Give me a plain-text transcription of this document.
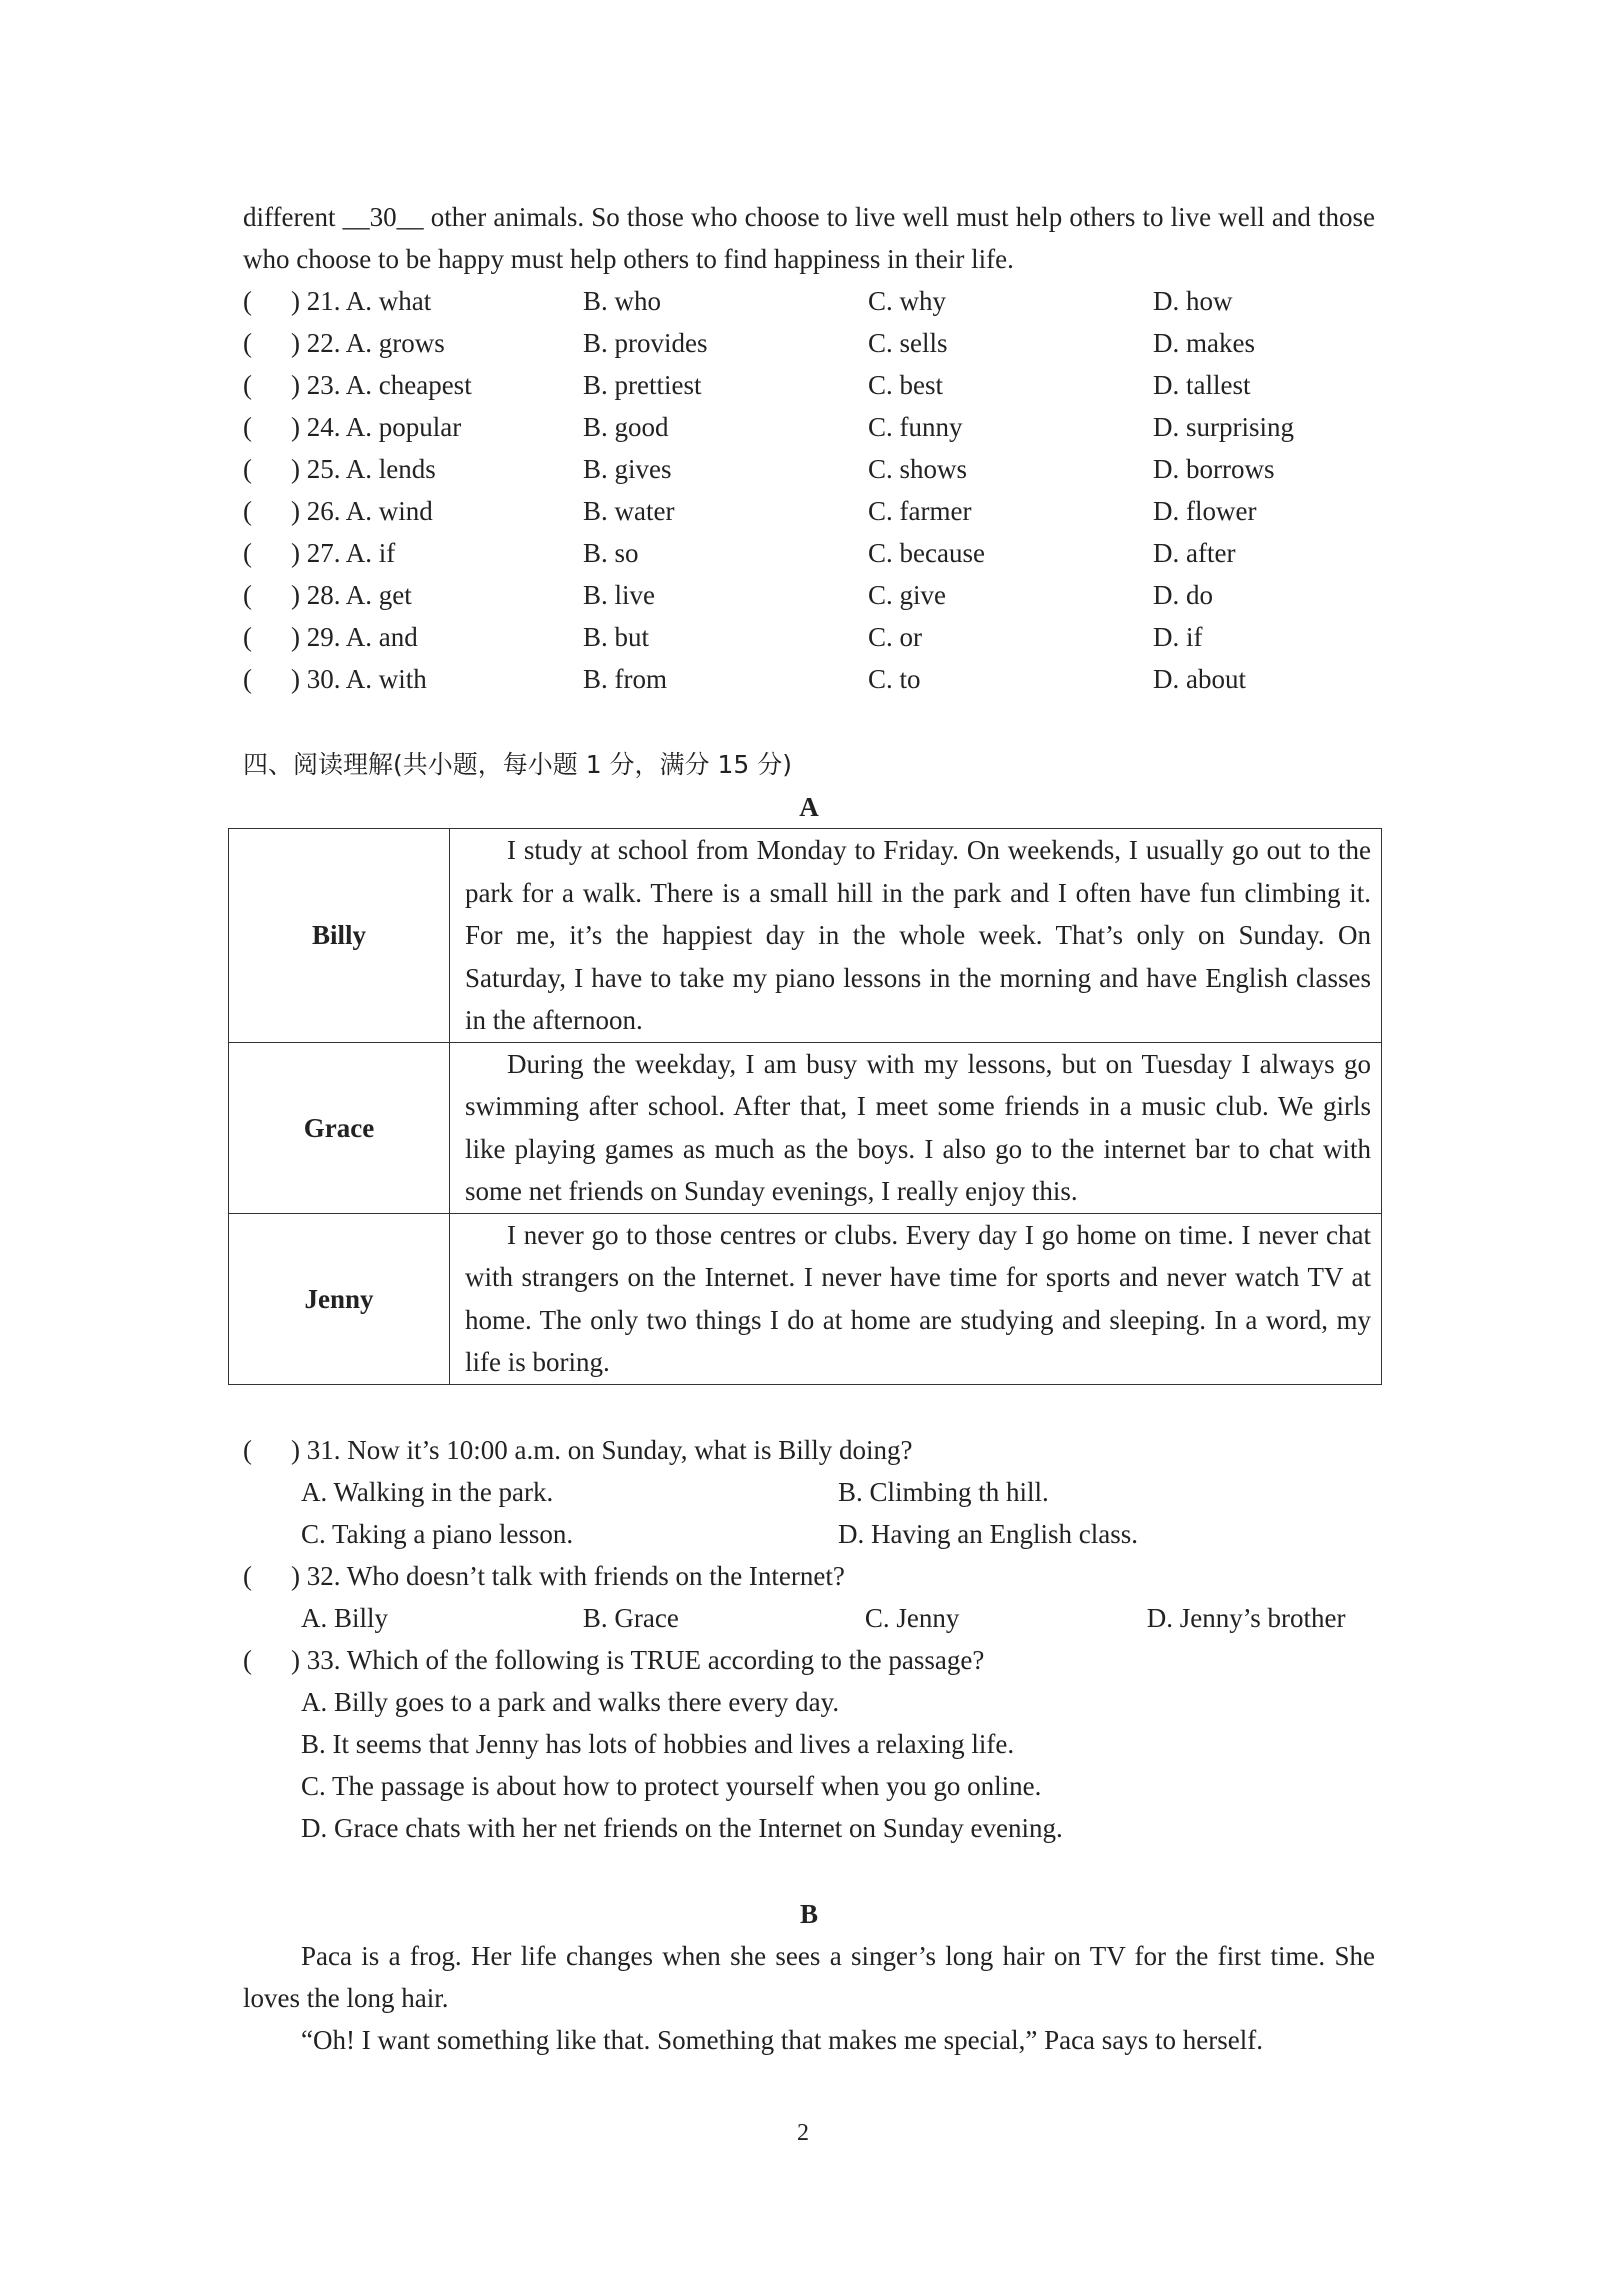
different __30__ other animals. So those who choose to live well must help others to live well and those who choose to be happy must help others to find happiness in their life.

( ) 21. A. what	B. who	C. why	D. how
( ) 22. A. grows	B. provides	C. sells	D. makes
( ) 23. A. cheapest	B. prettiest	C. best	D. tallest
( ) 24. A. popular	B. good	C. funny	D. surprising
( ) 25. A. lends	B. gives	C. shows	D. borrows
( ) 26. A. wind	B. water	C. farmer	D. flower
( ) 27. A. if	B. so	C. because	D. after
( ) 28. A. get	B. live	C. give	D. do
( ) 29. A. and	B. but	C. or	D. if
( ) 30. A. with	B. from	C. to	D. about
四、阅读理解(共小题，每小题 1 分，满分 15 分)
A
Billy	I study at school from Monday to Friday. On weekends, I usually go out to the park for a walk. There is a small hill in the park and I often have fun climbing it. For me, it’s the happiest day in the whole week. That’s only on Sunday. On Saturday, I have to take my piano lessons in the morning and have English classes in the afternoon.
Grace	During the weekday, I am busy with my lessons, but on Tuesday I always go swimming after school. After that, I meet some friends in a music club. We girls like playing games as much as the boys. I also go to the internet bar to chat with some net friends on Sunday evenings, I really enjoy this.
Jenny	I never go to those centres or clubs. Every day I go home on time. I never chat with strangers on the Internet. I never have time for sports and never watch TV at home. The only two things I do at home are studying and sleeping. In a word, my life is boring.
( ) 31. Now it’s 10:00 a.m. on Sunday, what is Billy doing?
A. Walking in the park.	B. Climbing th hill.
C. Taking a piano lesson.	D. Having an English class.
( ) 32. Who doesn’t talk with friends on the Internet?
A. Billy	B. Grace	C. Jenny	D. Jenny’s brother
( ) 33. Which of the following is TRUE according to the passage?
A. Billy goes to a park and walks there every day.
B. It seems that Jenny has lots of hobbies and lives a relaxing life.
C. The passage is about how to protect yourself when you go online.
D. Grace chats with her net friends on the Internet on Sunday evening.
B

Paca is a frog. Her life changes when she sees a singer’s long hair on TV for the first time. She loves the long hair.

“Oh! I want something like that. Something that makes me special,” Paca says to herself.

2
